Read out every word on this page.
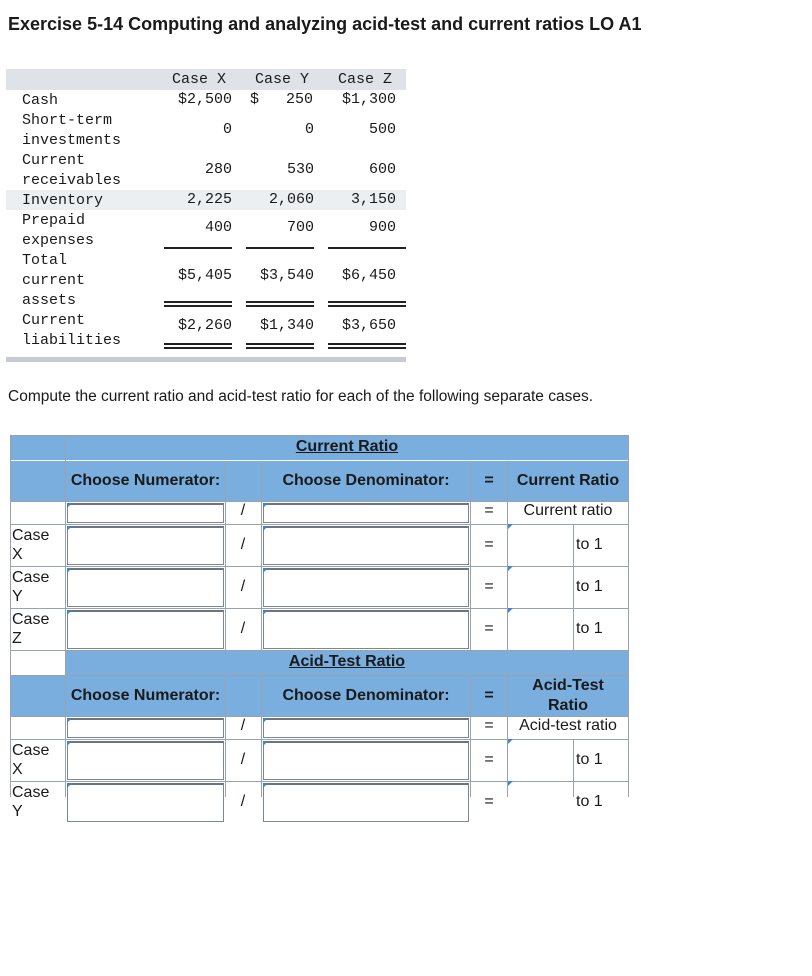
Exercise 5-14 Computing and analyzing acid-test and current ratios LO A1
Case X	Case Y	Case Z
Cash	$2,500	$   250	$1,300
Short-term
investments
0	0	500
Current
receivables
280	530	600
Inventory	2,225	2,060	3,150
Prepaid
expenses
400	700	900
Total
current
assets
$5,405	$3,540	$6,450
Current
liabilities
$2,260	$1,340	$3,650
Compute the current ratio and acid-test ratio for each of the following separate cases.
Current Ratio
Choose Numerator:	Choose Denominator:	=	Current Ratio
/	=	Current ratio
Case
X
/	=	to 1
Case
Y
/	=	to 1
Case
Z
/	=	to 1
Acid-Test Ratio
Choose Numerator:	Choose Denominator:	=
Acid-Test Ratio
/	=	Acid-test ratio
Case
X
/	=	to 1
Case
Y
/	=	to 1
